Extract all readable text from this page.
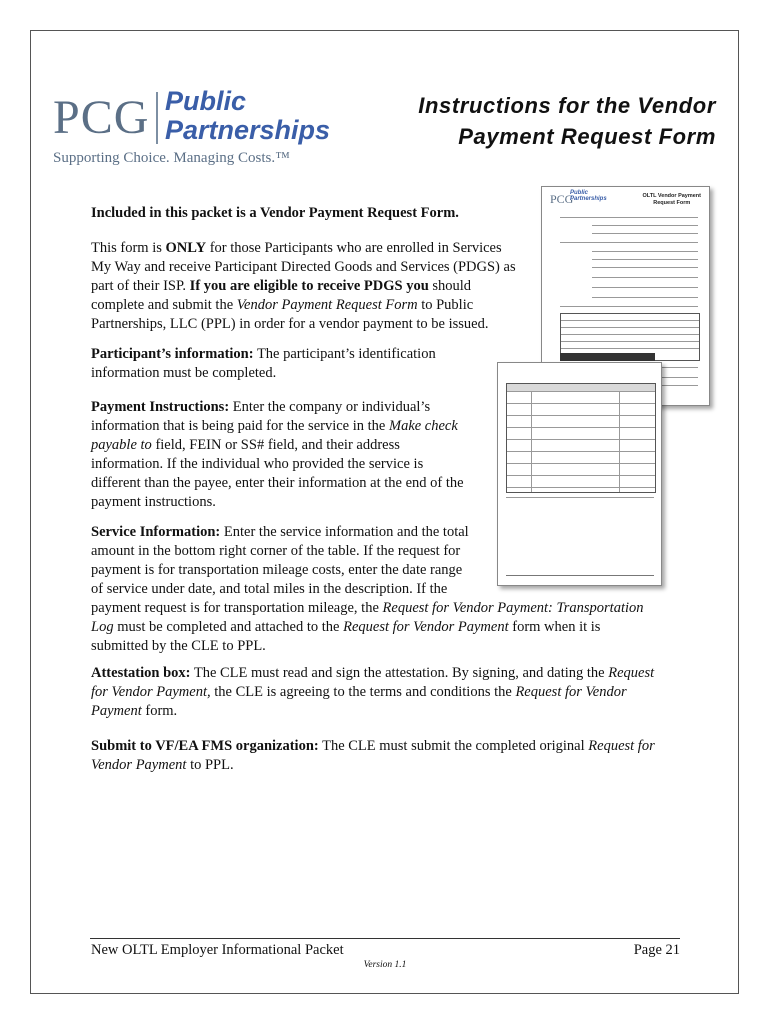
PCG Public
Partnerships
Supporting Choice. Managing Costs.™
Instructions for the Vendor
Payment Request Form
PCG
Public
Partnerships	OLTL Vendor Payment
Request Form
Included in this packet is a Vendor Payment Request Form.
This form is ONLY for those Participants who are enrolled in Services
My Way and receive Participant Directed Goods and Services (PDGS) as
part of their ISP. If you are eligible to receive PDGS you should
complete and submit the Vendor Payment Request Form to Public
Partnerships, LLC (PPL) in order for a vendor payment to be issued.
Participant’s information: The participant’s identification
information must be completed.
Payment Instructions: Enter the company or individual’s
information that is being paid for the service in the Make check
payable to field, FEIN or SS# field, and their address
information. If the individual who provided the service is
different than the payee, enter their information at the end of the
payment instructions.
Service Information: Enter the service information and the total
amount in the bottom right corner of the table. If the request for
payment is for transportation mileage costs, enter the date range
of service under date, and total miles in the description. If the
payment request is for transportation mileage, the Request for Vendor Payment: Transportation
Log must be completed and attached to the Request for Vendor Payment form when it is
submitted by the CLE to PPL.
Attestation box: The CLE must read and sign the attestation. By signing, and dating the Request
for Vendor Payment, the CLE is agreeing to the terms and conditions the Request for Vendor
Payment form.
Submit to VF/EA FMS organization: The CLE must submit the completed original Request for
Vendor Payment to PPL.
New OLTL Employer Informational Packet	Page 21
Version 1.1
